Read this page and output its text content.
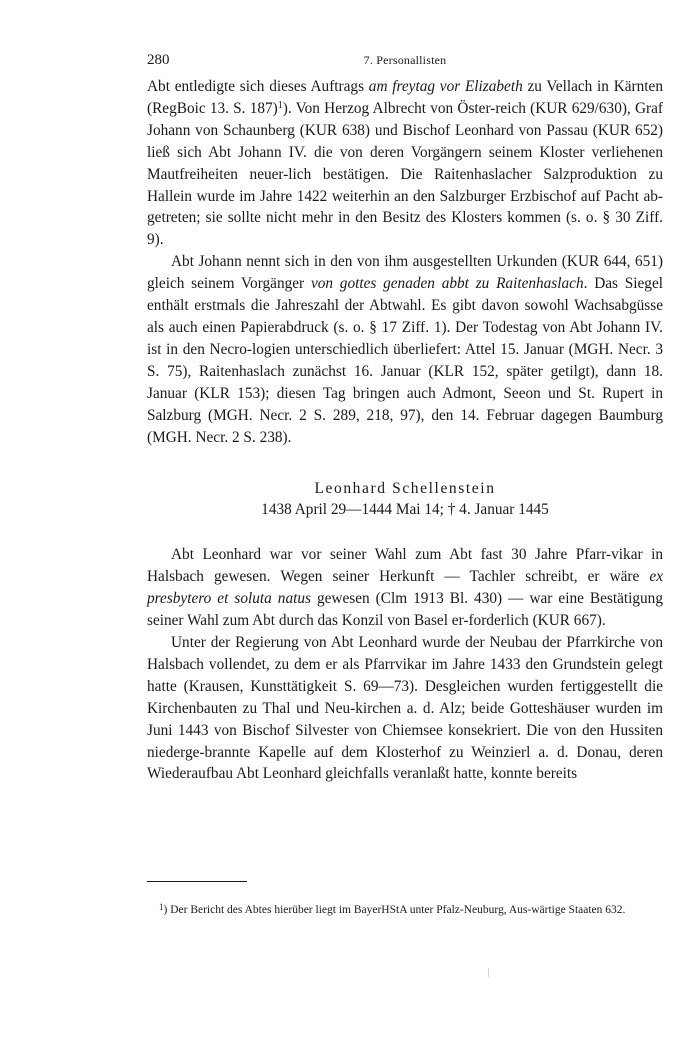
280	7. Personallisten

Abt entledigte sich dieses Auftrags am freytag vor Elizabeth zu Vellach in Kärnten (RegBoic 13. S. 187)$^1$). Von Herzog Albrecht von Öster-reich (KUR 629/630), Graf Johann von Schaunberg (KUR 638) und Bischof Leonhard von Passau (KUR 652) ließ sich Abt Johann IV. die von deren Vorgängern seinem Kloster verliehenen Mautfreiheiten neuer-lich bestätigen. Die Raitenhaslacher Salzproduktion zu Hallein wurde im Jahre 1422 weiterhin an den Salzburger Erzbischof auf Pacht ab-getreten; sie sollte nicht mehr in den Besitz des Klosters kommen (s. o. § 30 Ziff. 9).

Abt Johann nennt sich in den von ihm ausgestellten Urkunden (KUR 644, 651) gleich seinem Vorgänger von gottes genaden abbt zu Raitenhaslach. Das Siegel enthält erstmals die Jahreszahl der Abtwahl. Es gibt davon sowohl Wachsabgüsse als auch einen Papierabdruck (s. o. § 17 Ziff. 1). Der Todestag von Abt Johann IV. ist in den Necro-logien unterschiedlich überliefert: Attel 15. Januar (MGH. Necr. 3 S. 75), Raitenhaslach zunächst 16. Januar (KLR 152, später getilgt), dann 18. Januar (KLR 153); diesen Tag bringen auch Admont, Seeon und St. Rupert in Salzburg (MGH. Necr. 2 S. 289, 218, 97), den 14. Februar dagegen Baumburg (MGH. Necr. 2 S. 238).

Leonhard Schellenstein
1438 April 29—1444 Mai 14; † 4. Januar 1445

Abt Leonhard war vor seiner Wahl zum Abt fast 30 Jahre Pfarr-vikar in Halsbach gewesen. Wegen seiner Herkunft — Tachler schreibt, er wäre ex presbytero et soluta natus gewesen (Clm 1913 Bl. 430) — war eine Bestätigung seiner Wahl zum Abt durch das Konzil von Basel er-forderlich (KUR 667).

Unter der Regierung von Abt Leonhard wurde der Neubau der Pfarrkirche von Halsbach vollendet, zu dem er als Pfarrvikar im Jahre 1433 den Grundstein gelegt hatte (Krausen, Kunsttätigkeit S. 69—73). Desgleichen wurden fertiggestellt die Kirchenbauten zu Thal und Neu-kirchen a. d. Alz; beide Gotteshäuser wurden im Juni 1443 von Bischof Silvester von Chiemsee konsekriert. Die von den Hussiten niederge-brannte Kapelle auf dem Klosterhof zu Weinzierl a. d. Donau, deren Wiederaufbau Abt Leonhard gleichfalls veranlaßt hatte, konnte bereits

$^1$) Der Bericht des Abtes hierüber liegt im BayerHStA unter Pfalz-Neuburg, Aus-wärtige Staaten 632.
